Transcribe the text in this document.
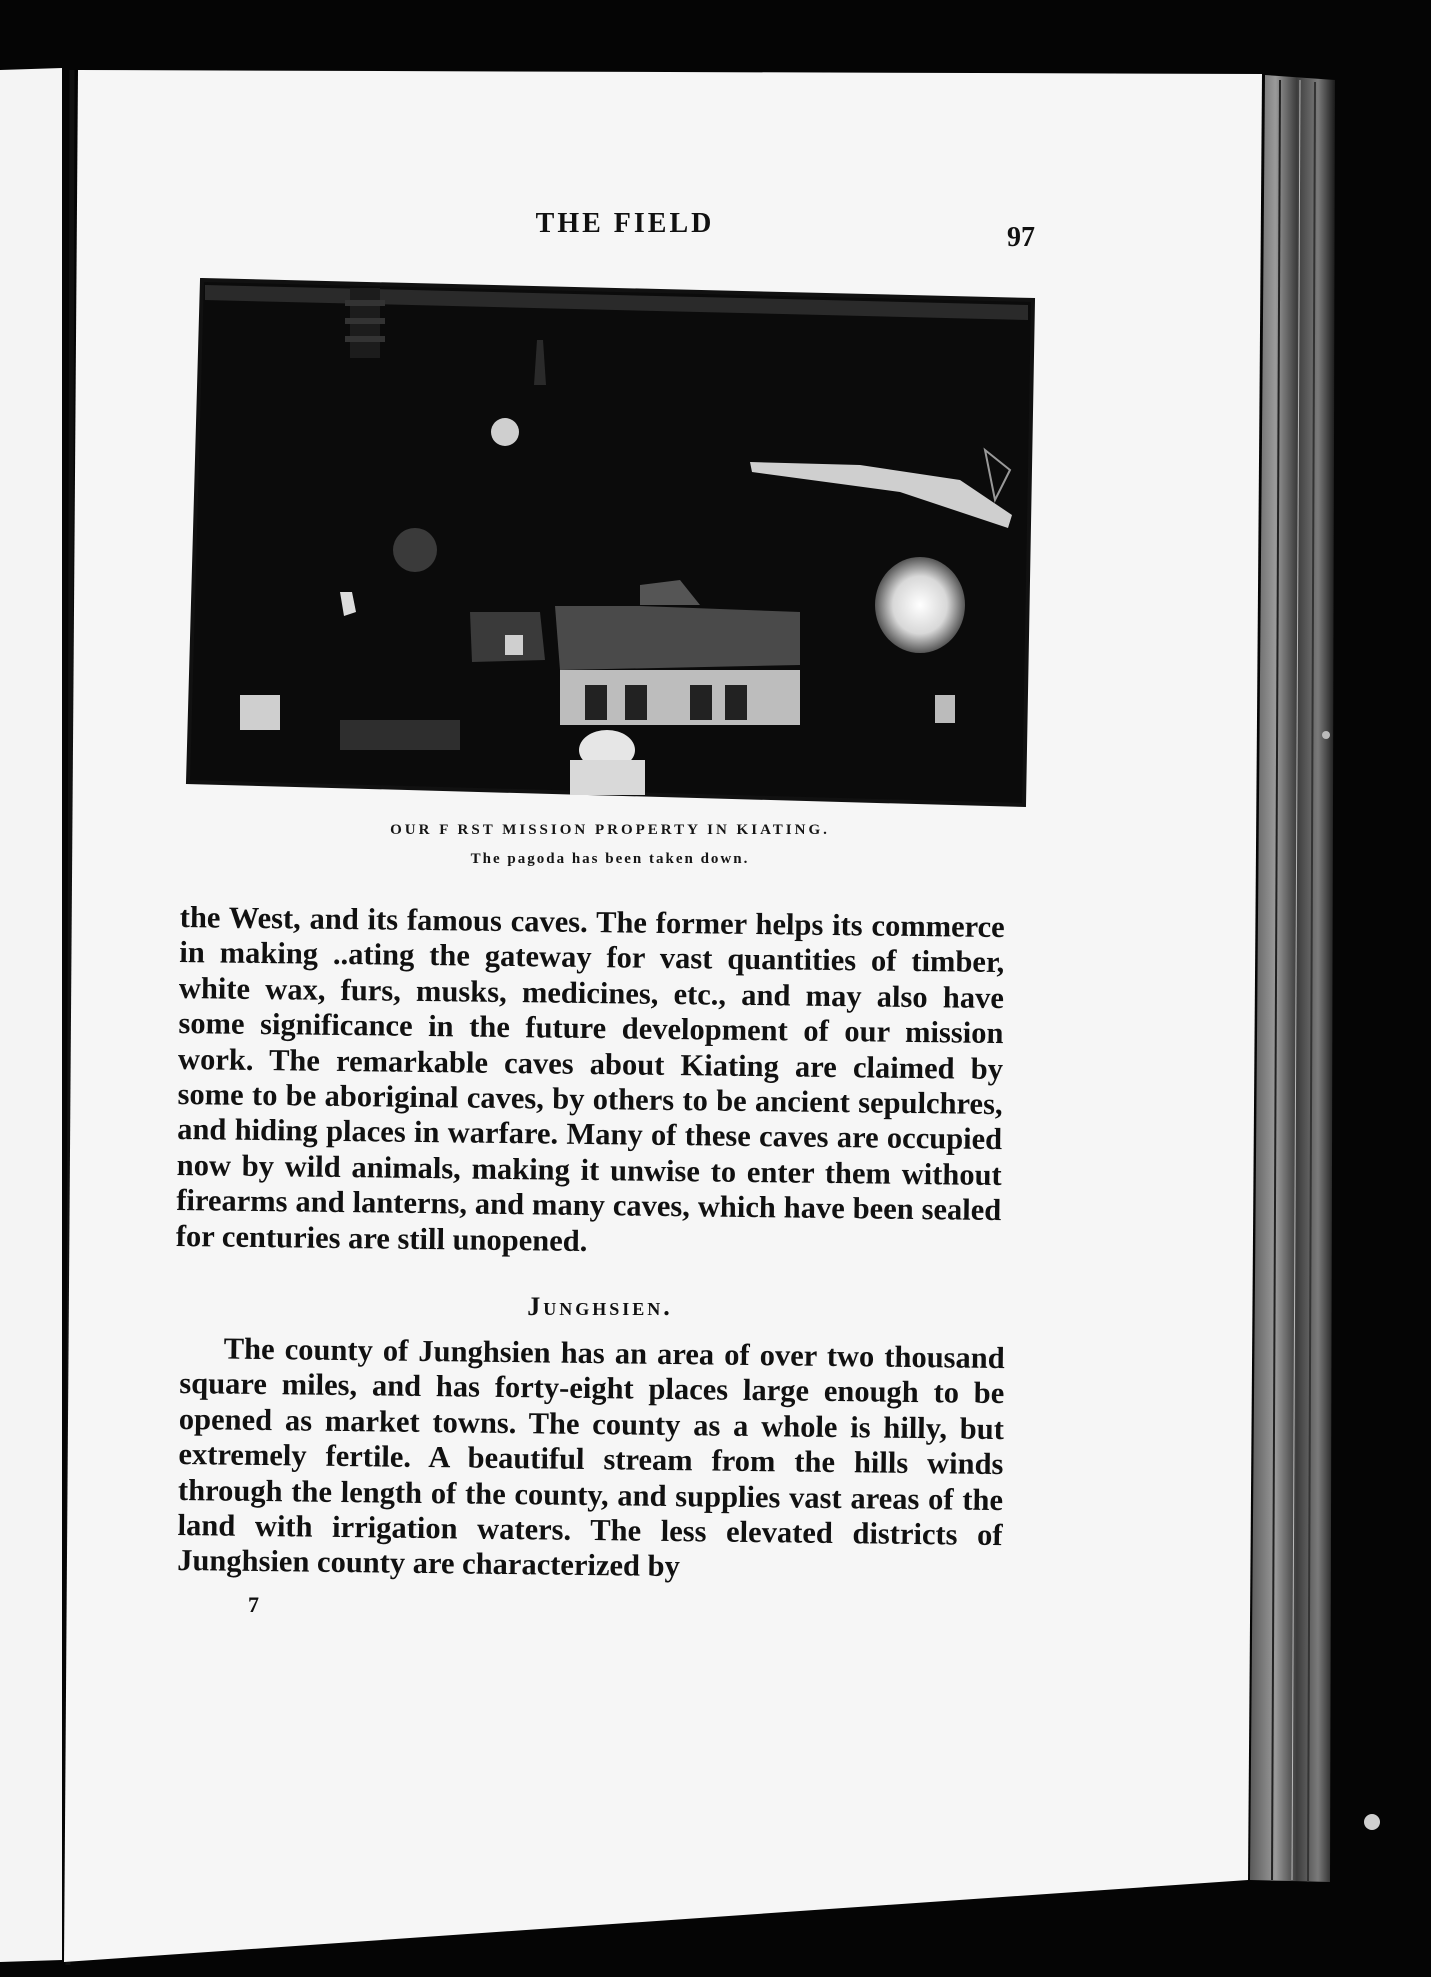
THE FIELD	97
OUR F RST MISSION PROPERTY IN KIATING.
The pagoda has been taken down.

the West, and its famous caves. The former helps its commerce in making ..ating the gateway for vast quantities of timber, white wax, furs, musks, medicines, etc., and may also have some significance in the future development of our mission work. The remarkable caves about Kiating are claimed by some to be aboriginal caves, by others to be ancient sepulchres, and hiding places in warfare. Many of these caves are occupied now by wild animals, making it unwise to enter them without firearms and lanterns, and many caves, which have been sealed for centuries are still unopened.

Junghsien.

The county of Junghsien has an area of over two thousand square miles, and has forty-eight places large enough to be opened as market towns. The county as a whole is hilly, but extremely fertile. A beautiful stream from the hills winds through the length of the county, and supplies vast areas of the land with irrigation waters. The less elevated districts of Junghsien county are characterized by

7
